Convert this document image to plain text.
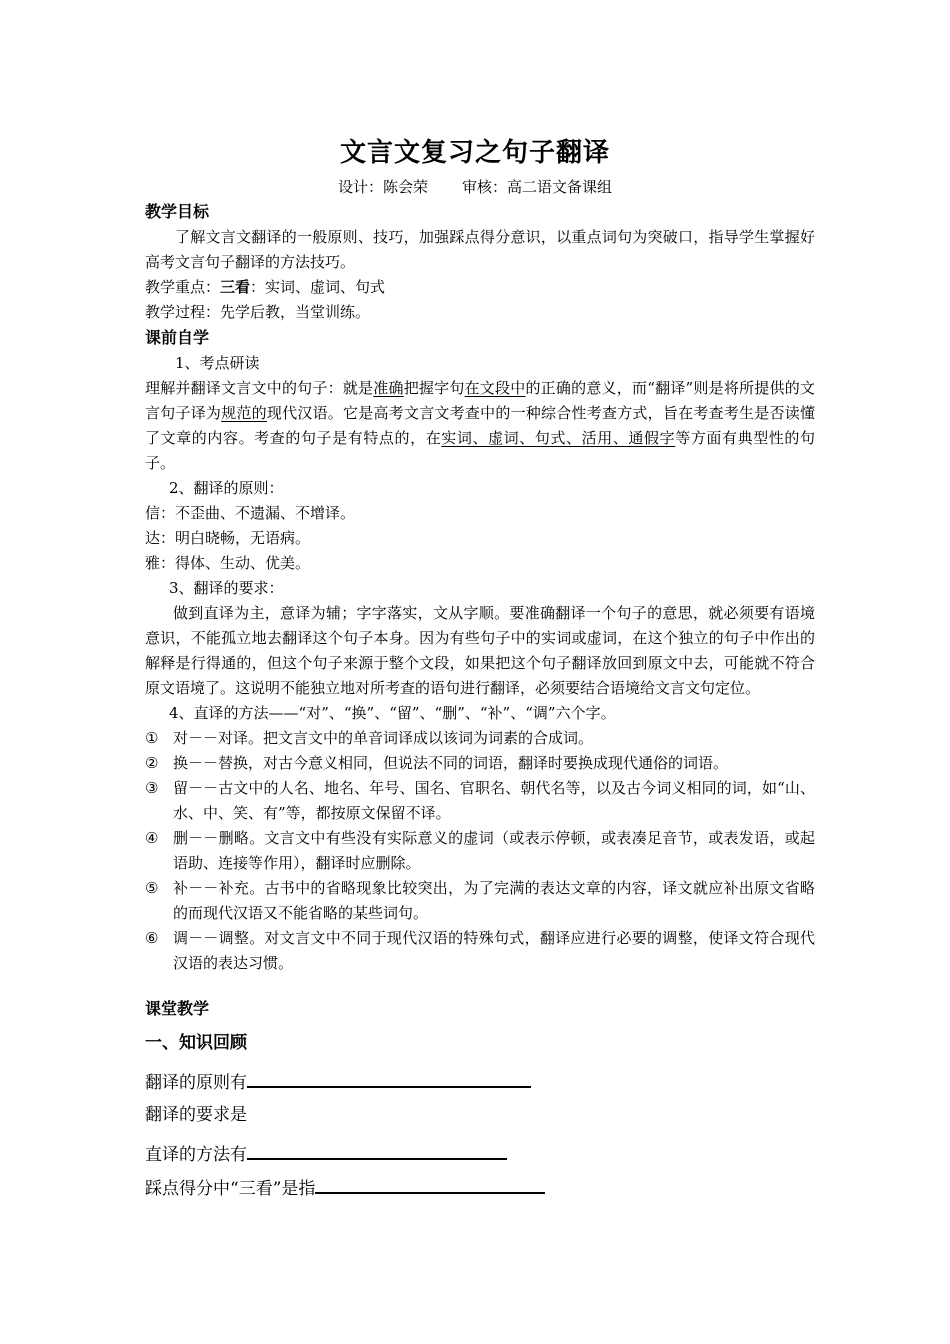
文言文复习之句子翻译
设计：陈会荣 审核：高二语文备课组

教学目标

了解文言文翻译的一般原则、技巧，加强踩点得分意识，以重点词句为突破口，指导学生掌握好高考文言句子翻译的方法技巧。

教学重点：三看：实词、虚词、句式

教学过程：先学后教，当堂训练。

课前自学

1、考点研读

理解并翻译文言文中的句子：就是准确把握字句在文段中的正确的意义，而“翻译”则是将所提供的文言句子译为规范的现代汉语。它是高考文言文考查中的一种综合性考查方式，旨在考查考生是否读懂了文章的内容。考查的句子是有特点的，在实词、虚词、句式、活用、通假字等方面有典型性的句子。

2、翻译的原则：

信：不歪曲、不遗漏、不增译。

达：明白晓畅，无语病。

雅：得体、生动、优美。

3、翻译的要求：

做到直译为主，意译为辅；字字落实，文从字顺。要准确翻译一个句子的意思，就必须要有语境意识，不能孤立地去翻译这个句子本身。因为有些句子中的实词或虚词，在这个独立的句子中作出的解释是行得通的，但这个句子来源于整个文段，如果把这个句子翻译放回到原文中去，可能就不符合原文语境了。这说明不能独立地对所考查的语句进行翻译，必须要结合语境给文言文句定位。

4、直译的方法——“对”、“换”、“留”、“删”、“补”、“调”六个字。

① 对－－对译。把文言文中的单音词译成以该词为词素的合成词。
② 换－－替换，对古今意义相同，但说法不同的词语，翻译时要换成现代通俗的词语。
③ 留－－古文中的人名、地名、年号、国名、官职名、朝代名等，以及古今词义相同的词，如“山、水、中、笑、有”等，都按原文保留不译。
④ 删－－删略。文言文中有些没有实际意义的虚词（或表示停顿，或表凑足音节，或表发语，或起语助、连接等作用），翻译时应删除。
⑤ 补－－补充。古书中的省略现象比较突出，为了完满的表达文章的内容，译文就应补出原文省略的而现代汉语又不能省略的某些词句。
⑥ 调－－调整。对文言文中不同于现代汉语的特殊句式，翻译应进行必要的调整，使译文符合现代汉语的表达习惯。
课堂教学
一、知识回顾
翻译的原则有
翻译的要求是
直译的方法有
踩点得分中“三看”是指
